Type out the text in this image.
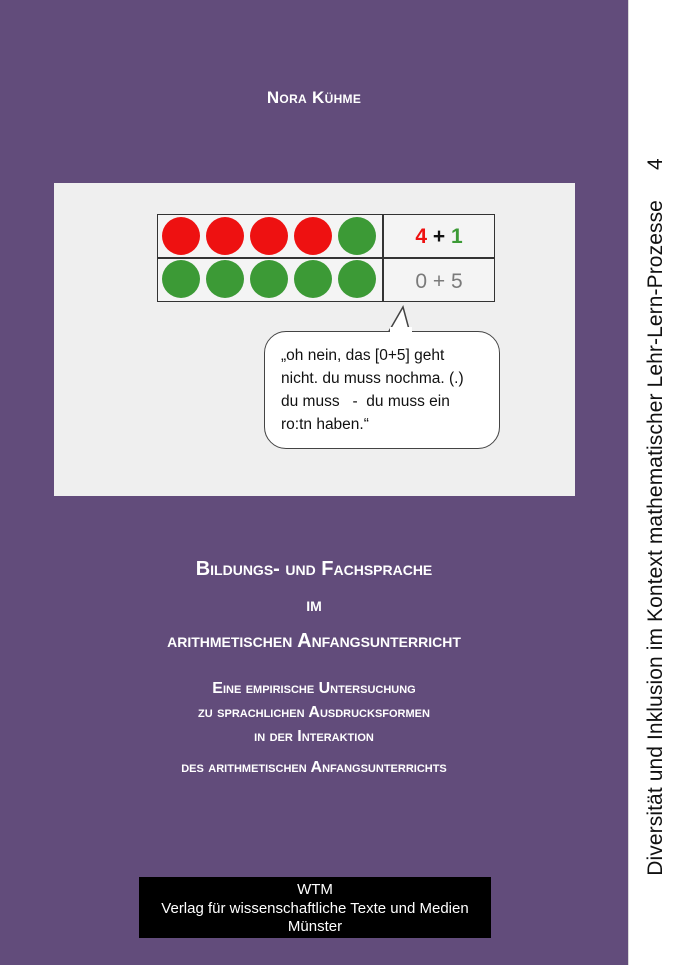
Nora Kühme
4 + 1
0 + 5
„oh nein, das [0+5] geht
nicht. du muss nochma. (.)
du muss   -  du muss ein
ro:tn haben.“
Bildungs- und Fachsprache
im
arithmetischen Anfangsunterricht
Eine empirische Untersuchung
zu sprachlichen Ausdrucksformen
in der Interaktion
des arithmetischen Anfangsunterrichts
WTM
Verlag für wissenschaftliche Texte und Medien
Münster
Diversität und Inklusion im Kontext mathematischer Lehr-Lern-Prozesse4
